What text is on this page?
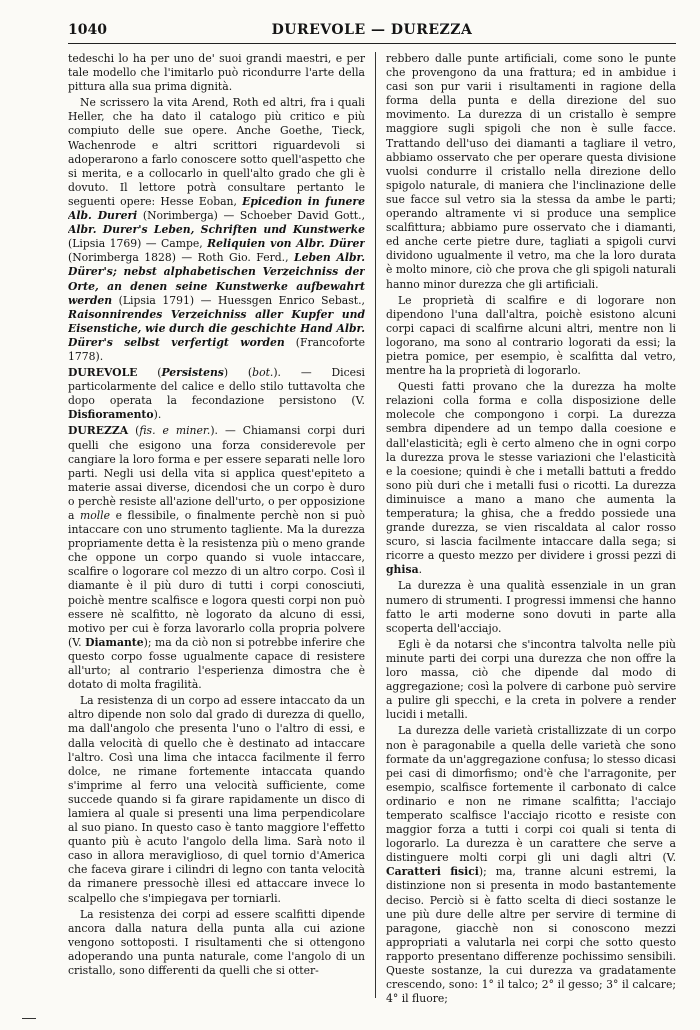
1040	DUREVOLE — DUREZZA

tedeschi lo ha per uno de' suoi grandi maestri, e per tale modello che l'imitarlo può ricondurre l'arte della pittura alla sua prima dignità.

Ne scrissero la vita Arend, Roth ed altri, fra i quali Heller, che ha dato il catalogo più critico e più compiuto delle sue opere. Anche Goethe, Tieck, Wachenrode e altri scrittori riguardevoli si adoperarono a farlo conoscere sotto quell'aspetto che si merita, e a collocarlo in quell'alto grado che gli è dovuto. Il lettore potrà consultare pertanto le seguenti opere: Hesse Eoban, Epicedion in funere Alb. Dureri (Norimberga) — Schoeber David Gott., Albr. Durer's Leben, Schriften und Kunstwerke (Lipsia 1769) — Campe, Reliquien von Albr. Dürer (Norimberga 1828) — Roth Gio. Ferd., Leben Albr. Dürer's; nebst alphabetischen Verzeichniss der Orte, an denen seine Kunstwerke aufbewahrt werden (Lipsia 1791) — Huessgen Enrico Sebast., Raisonnirendes Verzeichniss aller Kupfer und Eisenstiche, wie durch die geschichte Hand Albr. Dürer's selbst verfertigt worden (Francoforte 1778).

DUREVOLE (Persistens) (bot.). — Dicesi particolarmente del calice e dello stilo tuttavolta che dopo operata la fecondazione persistono (V. Disfioramento).

DUREZZA (fis. e miner.). — Chiamansi corpi duri quelli che esigono una forza considerevole per cangiare la loro forma e per essere separati nelle loro parti. Negli usi della vita si applica quest'epiteto a materie assai diverse, dicendosi che un corpo è duro o perchè resiste all'azione dell'urto, o per opposizione a molle e flessibile, o finalmente perchè non si può intaccare con uno strumento tagliente. Ma la durezza propriamente detta è la resistenza più o meno grande che oppone un corpo quando si vuole intaccare, scalfire o logorare col mezzo di un altro corpo. Così il diamante è il più duro di tutti i corpi conosciuti, poichè mentre scalfisce e logora questi corpi non può essere nè scalfitto, nè logorato da alcuno di essi, motivo per cui è forza lavorarlo colla propria polvere (V. Diamante); ma da ciò non si potrebbe inferire che questo corpo fosse ugualmente capace di resistere all'urto; al contrario l'esperienza dimostra che è dotato di molta fragilità.

La resistenza di un corpo ad essere intaccato da un altro dipende non solo dal grado di durezza di quello, ma dall'angolo che presenta l'uno o l'altro di essi, e dalla velocità di quello che è destinato ad intaccare l'altro. Così una lima che intacca facilmente il ferro dolce, ne rimane fortemente intaccata quando s'imprime al ferro una velocità sufficiente, come succede quando si fa girare rapidamente un disco di lamiera al quale si presenti una lima perpendicolare al suo piano. In questo caso è tanto maggiore l'effetto quanto più è acuto l'angolo della lima. Sarà noto il caso in allora meraviglioso, di quel tornio d'America che faceva girare i cilindri di legno con tanta velocità da rimanere pressochè illesi ed attaccare invece lo scalpello che s'impiegava per torniarli.

La resistenza dei corpi ad essere scalfitti dipende ancora dalla natura della punta alla cui azione vengono sottoposti. I risultamenti che si ottengono adoperando una punta naturale, come l'angolo di un cristallo, sono differenti da quelli che si otter-

rebbero dalle punte artificiali, come sono le punte che provengono da una frattura; ed in ambidue i casi son pur varii i risultamenti in ragione della forma della punta e della direzione del suo movimento. La durezza di un cristallo è sempre maggiore sugli spigoli che non è sulle facce. Trattando dell'uso dei diamanti a tagliare il vetro, abbiamo osservato che per operare questa divisione vuolsi condurre il cristallo nella direzione dello spigolo naturale, di maniera che l'inclinazione delle sue facce sul vetro sia la stessa da ambe le parti; operando altramente vi si produce una semplice scalfittura; abbiamo pure osservato che i diamanti, ed anche certe pietre dure, tagliati a spigoli curvi dividono ugualmente il vetro, ma che la loro durata è molto minore, ciò che prova che gli spigoli naturali hanno minor durezza che gli artificiali.

Le proprietà di scalfire e di logorare non dipendono l'una dall'altra, poichè esistono alcuni corpi capaci di scalfirne alcuni altri, mentre non li logorano, ma sono al contrario logorati da essi; la pietra pomice, per esempio, è scalfitta dal vetro, mentre ha la proprietà di logorarlo.

Questi fatti provano che la durezza ha molte relazioni colla forma e colla disposizione delle molecole che compongono i corpi. La durezza sembra dipendere ad un tempo dalla coesione e dall'elasticità; egli è certo almeno che in ogni corpo la durezza prova le stesse variazioni che l'elasticità e la coesione; quindi è che i metalli battuti a freddo sono più duri che i metalli fusi o ricotti. La durezza diminuisce a mano a mano che aumenta la temperatura; la ghisa, che a freddo possiede una grande durezza, se vien riscaldata al calor rosso scuro, si lascia facilmente intaccare dalla sega; si ricorre a questo mezzo per dividere i grossi pezzi di ghisa.

La durezza è una qualità essenziale in un gran numero di strumenti. I progressi immensi che hanno fatto le arti moderne sono dovuti in parte alla scoperta dell'acciajo.

Egli è da notarsi che s'incontra talvolta nelle più minute parti dei corpi una durezza che non offre la loro massa, ciò che dipende dal modo di aggregazione; così la polvere di carbone può servire a pulire gli specchi, e la creta in polvere a render lucidi i metalli.

La durezza delle varietà cristallizzate di un corpo non è paragonabile a quella delle varietà che sono formate da un'aggregazione confusa; lo stesso dicasi pei casi di dimorfismo; ond'è che l'arragonite, per esempio, scalfisce fortemente il carbonato di calce ordinario e non ne rimane scalfitta; l'acciajo temperato scalfisce l'acciajo ricotto e resiste con maggior forza a tutti i corpi coi quali si tenta di logorarlo. La durezza è un carattere che serve a distinguere molti corpi gli uni dagli altri (V. Caratteri fisici); ma, tranne alcuni estremi, la distinzione non si presenta in modo bastantemente deciso. Perciò si è fatto scelta di dieci sostanze le une più dure delle altre per servire di termine di paragone, giacchè non si conoscono mezzi appropriati a valutarla nei corpi che sotto questo rapporto presentano differenze pochissimo sensibili. Queste sostanze, la cui durezza va gradatamente crescendo, sono: 1° il talco; 2° il gesso; 3° il calcare; 4° il fluore;
